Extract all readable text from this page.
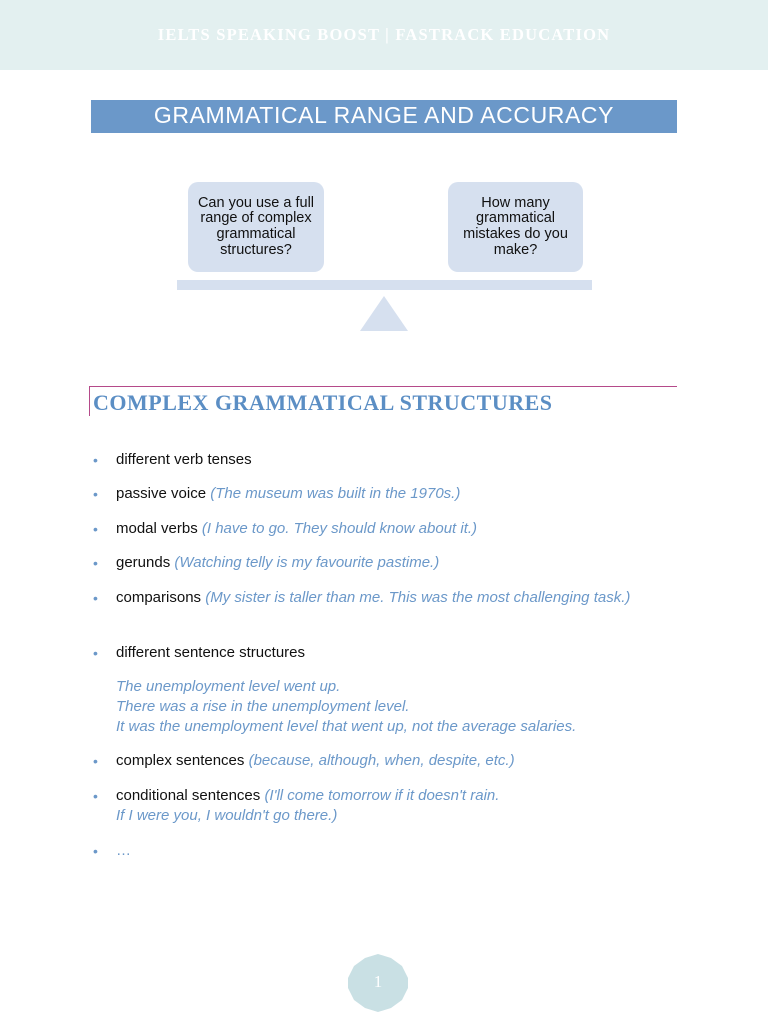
IELTS SPEAKING BOOST | FASTRACK EDUCATION
GRAMMATICAL RANGE AND ACCURACY
Can you use a full range of complex grammatical structures?
How many grammatical mistakes do you make?
COMPLEX GRAMMATICAL STRUCTURES
• different verb tenses
• passive voice (The museum was built in the 1970s.)
• modal verbs (I have to go. They should know about it.)
• gerunds (Watching telly is my favourite pastime.)
• comparisons (My sister is taller than me. This was the most challenging task.)
• different sentence structures
The unemployment level went up.
There was a rise in the unemployment level.
It was the unemployment level that went up, not the average salaries.
• complex sentences (because, although, when, despite, etc.)
• conditional sentences (I'll come tomorrow if it doesn't rain.
If I were you, I wouldn't go there.)
• …
1
